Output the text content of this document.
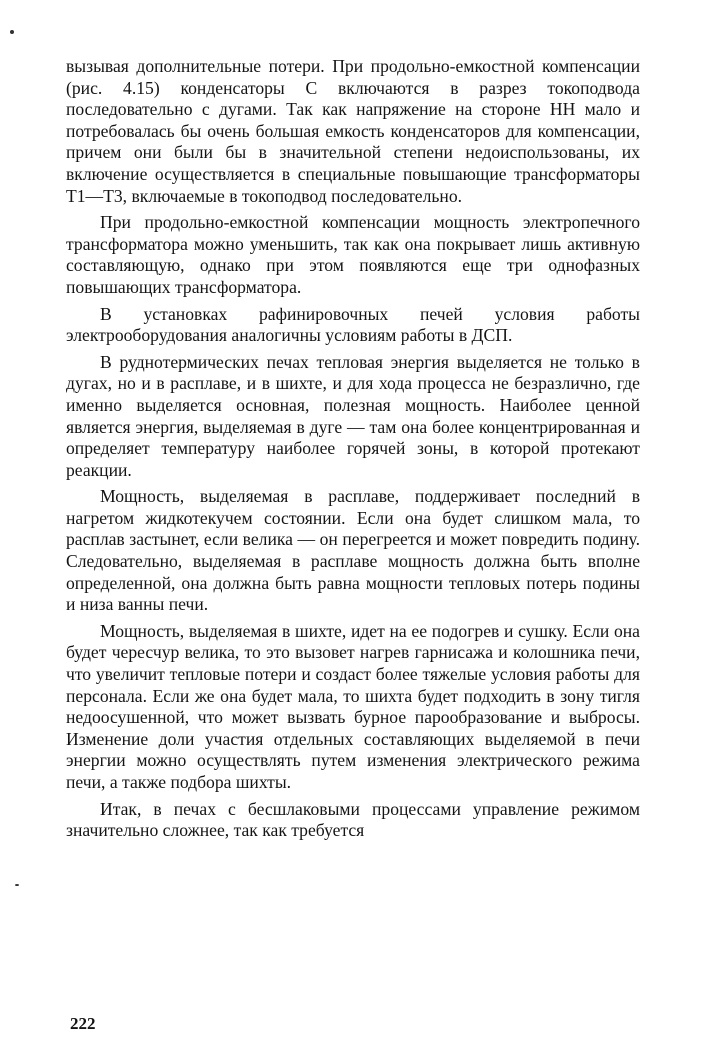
вызывая дополнительные потери. При продольно-емкостной компенсации (рис. 4.15) конденсаторы С включаются в разрез токоподвода последовательно с дугами. Так как напряжение на стороне НН мало и потребовалась бы очень большая емкость конденсаторов для компенсации, причем они были бы в значительной степени недоиспользованы, их включение осуществляется в специальные повышающие трансформаторы Т1—Т3, включаемые в токоподвод последовательно.

При продольно-емкостной компенсации мощность электропечного трансформатора можно уменьшить, так как она покрывает лишь активную составляющую, однако при этом появляются еще три однофазных повышающих трансформатора.

В установках рафинировочных печей условия работы электрооборудования аналогичны условиям работы в ДСП.

В руднотермических печах тепловая энергия выделяется не только в дугах, но и в расплаве, и в шихте, и для хода процесса не безразлично, где именно выделяется основная, полезная мощность. Наиболее ценной является энергия, выделяемая в дуге — там она более концентрированная и определяет температуру наиболее горячей зоны, в которой протекают реакции.

Мощность, выделяемая в расплаве, поддерживает последний в нагретом жидкотекучем состоянии. Если она будет слишком мала, то расплав застынет, если велика — он перегреется и может повредить подину. Следовательно, выделяемая в расплаве мощность должна быть вполне определенной, она должна быть равна мощности тепловых потерь подины и низа ванны печи.

Мощность, выделяемая в шихте, идет на ее подогрев и сушку. Если она будет чересчур велика, то это вызовет нагрев гарнисажа и колошника печи, что увеличит тепловые потери и создаст более тяжелые условия работы для персонала. Если же она будет мала, то шихта будет подходить в зону тигля недоосушенной, что может вызвать бурное парообразование и выбросы. Изменение доли участия отдельных составляющих выделяемой в печи энергии можно осуществлять путем изменения электрического режима печи, а также подбора шихты.

Итак, в печах с бесшлаковыми процессами управление режимом значительно сложнее, так как требуется

222
